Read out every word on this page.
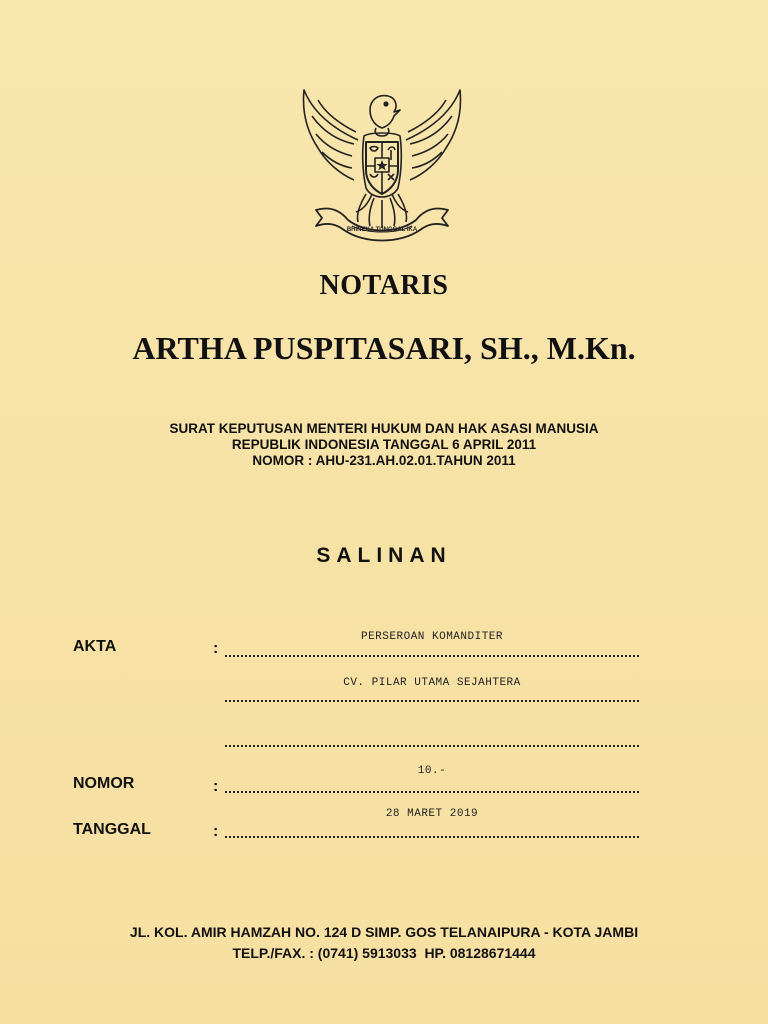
BHINEKA TUNGGAL IKA
NOTARIS
ARTHA PUSPITASARI, SH., M.Kn.
SURAT KEPUTUSAN MENTERI HUKUM DAN HAK ASASI MANUSIA
REPUBLIK INDONESIA TANGGAL 6 APRIL 2011
NOMOR : AHU-231.AH.02.01.TAHUN 2011
SALINAN
AKTA	:
PERSEROAN KOMANDITER
CV. PILAR UTAMA SEJAHTERA
NOMOR	:
10.-
TANGGAL	:
28 MARET 2019
JL. KOL. AMIR HAMZAH NO. 124 D SIMP. GOS TELANAIPURA - KOTA JAMBI
TELP./FAX. : (0741) 5913033  HP. 08128671444
